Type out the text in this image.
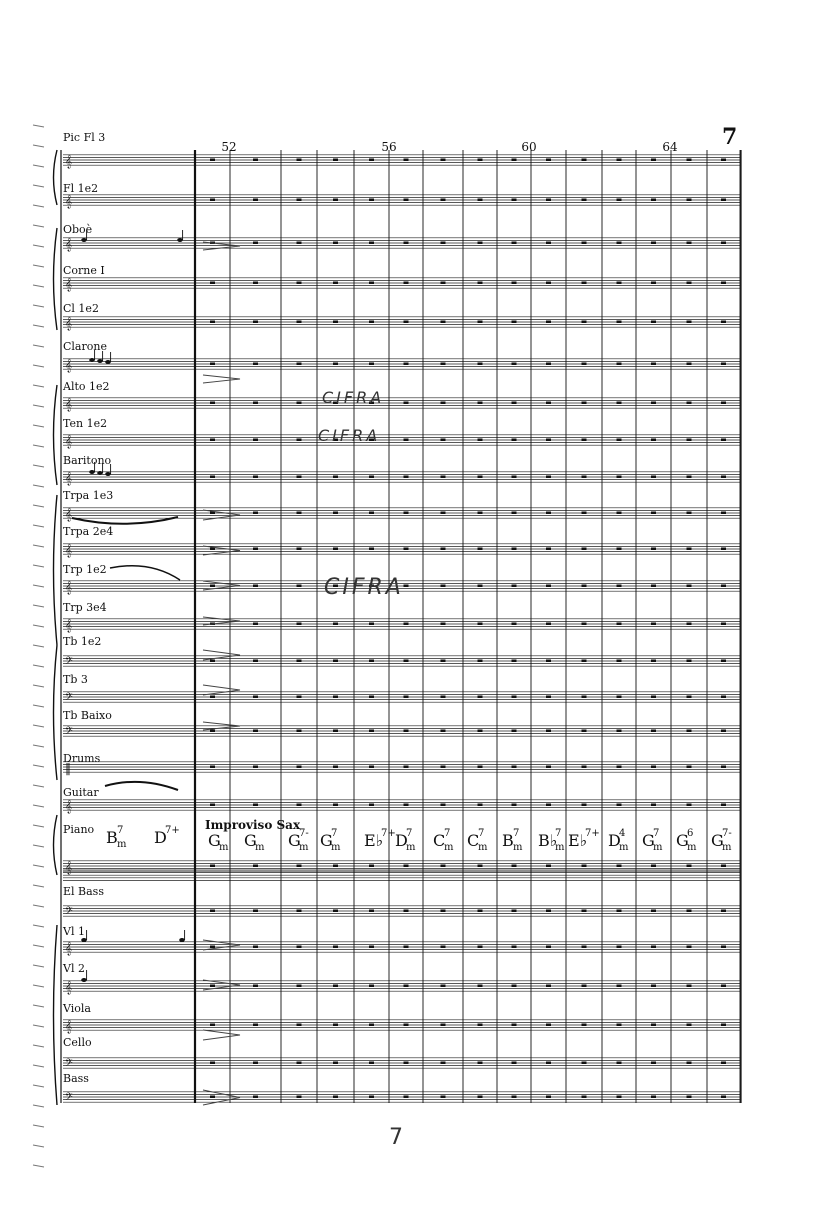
𝄞
𝄞
𝄞
𝄞
𝄞
𝄞
𝄞
𝄞
𝄞
𝄞
𝄞
𝄞
𝄞
𝄢
𝄢
𝄢
‖
𝄞
𝄞
𝄢
𝄞
𝄞
𝄞
𝄢
𝄢
Pic Fl 3
Fl 1e2
Oboè
Corne I
Cl 1e2
Clarone
Alto 1e2
Ten 1e2
Baritono
Trpa 1e3
Trpa 2e4
Trp 1e2
Trp 3e4
Tb 1e2
Tb 3
Tb Baixo
Drums
Guitar
Piano
El Bass
Vl 1
Vl 2
Viola
Cello
Bass
52	56	60	64
Improviso Sax
B m
7 D
7+
G
m G
m G
m
7- G
m
7 E♭
7+ D
m
7 C
m
7 C
m
7 B m
7 B♭
m
7 E♭
7+ D
m
4 G
m
7 G
m
6 G
m
7-
CIFRA
CIFRA
CIFRA
7
7
